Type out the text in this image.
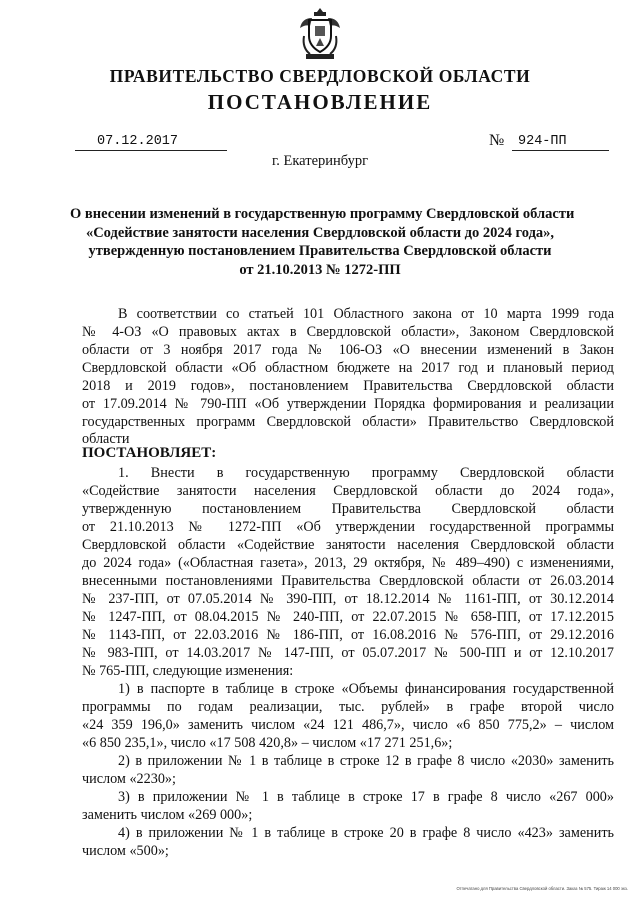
ПРАВИТЕЛЬСТВО СВЕРДЛОВСКОЙ ОБЛАСТИ
ПОСТАНОВЛЕНИЕ
07.12.2017	№	924-ПП
г. Екатеринбург
О внесении изменений в государственную программу Свердловской области
«Содействие занятости населения Свердловской области до 2024 года»,
утвержденную постановлением Правительства Свердловской области
от 21.10.2013 № 1272-ПП
В соответствии со статьей 101 Областного закона от 10 марта 1999 года
№ 4-ОЗ «О правовых актах в Свердловской области», Законом Свердловской
области от 3 ноября 2017 года № 106-ОЗ «О внесении изменений в Закон
Свердловской области «Об областном бюджете на 2017 год и плановый период
2018 и 2019 годов», постановлением Правительства Свердловской области
от 17.09.2014 № 790-ПП «Об утверждении Порядка формирования и реализации
государственных программ Свердловской области» Правительство Свердловской
области
ПОСТАНОВЛЯЕТ:
1. Внести в государственную программу Свердловской области
«Содействие занятости населения Свердловской области до 2024 года»,
утвержденную постановлением Правительства Свердловской области
от 21.10.2013 № 1272-ПП «Об утверждении государственной программы
Свердловской области «Содействие занятости населения Свердловской области
до 2024 года» («Областная газета», 2013, 29 октября, № 489–490) с изменениями,
внесенными постановлениями Правительства Свердловской области от 26.03.2014
№ 237-ПП, от 07.05.2014 № 390-ПП, от 18.12.2014 № 1161-ПП, от 30.12.2014
№ 1247-ПП, от 08.04.2015 № 240-ПП, от 22.07.2015 № 658-ПП, от 17.12.2015
№ 1143-ПП, от 22.03.2016 № 186-ПП, от 16.08.2016 № 576-ПП, от 29.12.2016
№ 983-ПП, от 14.03.2017 № 147-ПП, от 05.07.2017 № 500-ПП и от 12.10.2017
№ 765-ПП, следующие изменения:
1) в паспорте в таблице в строке «Объемы финансирования государственной
программы по годам реализации, тыс. рублей» в графе второй число
«24 359 196,0» заменить числом «24 121 486,7», число «6 850 775,2» – числом
«6 850 235,1», число «17 508 420,8» – числом «17 271 251,6»;
2) в приложении № 1 в таблице в строке 12 в графе 8 число «2030» заменить
числом «2230»;
3) в приложении № 1 в таблице в строке 17 в графе 8 число «267 000»
заменить числом «269 000»;
4) в приложении № 1 в таблице в строке 20 в графе 8 число «423» заменить
числом «500»;
Отпечатано для Правительства Свердловской области. Заказ № 575. Тираж 14 000 экз.
